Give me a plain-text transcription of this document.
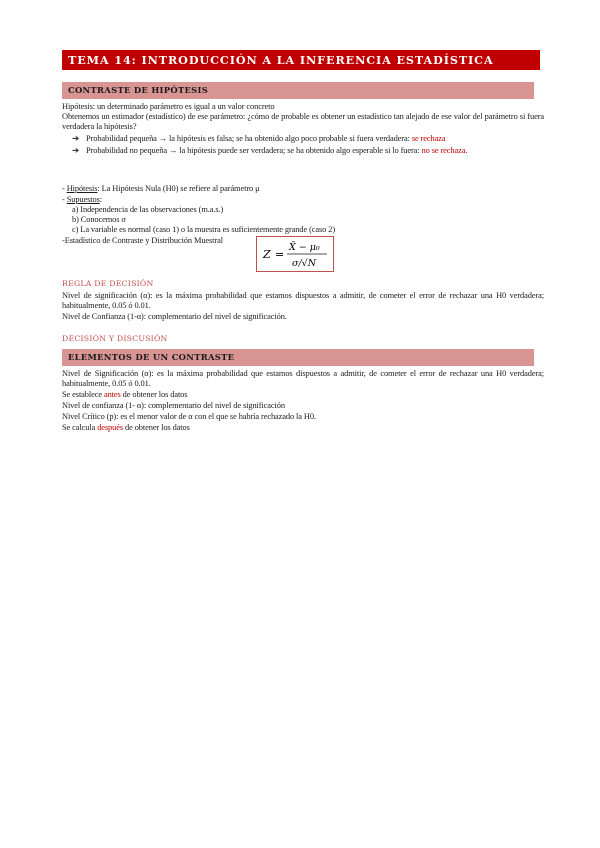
TEMA 14: INTRODUCCIÓN A LA INFERENCIA ESTADÍSTICA
CONTRASTE DE HIPÓTESIS
Hipótesis: un determinado parámetro es igual a un valor concreto
Obtenemos un estimador (estadístico) de ese parámetro: ¿cómo de probable es obtener un estadístico tan alejado de ese valor del parámetro si fuera verdadera la hipótesis?
➔ Probabilidad pequeña → la hipótesis es falsa; se ha obtenido algo poco probable si fuera verdadera: se rechaza
➔ Probabilidad no pequeña → la hipótesis puede ser verdadera; se ha obtenido algo esperable si lo fuera: no se rechaza.
- Hipótesis: La Hipótesis Nula (H0) se refiere al parámetro μ
- Supuestos:
a) Independencia de las observaciones (m.a.s.)
b) Conocemos σ
c) La variable es normal (caso 1) o la muestra es suficientemente grande (caso 2)
-Estadístico de Contraste y Distribución Muestral
Z =
X̄ − μ₀
σ/√N
REGLA DE DECISIÓN
Nivel de significación (α): es la máxima probabilidad que estamos dispuestos a admitir, de cometer el error de rechazar una H0 verdadera; habitualmente, 0.05 ó 0.01.
Nivel de Confianza (1-α): complementario del nivel de significación.
DECISIÓN Y DISCUSIÓN
ELEMENTOS DE UN CONTRASTE
Nivel de Significación (α): es la máxima probabilidad que estamos dispuestos a admitir, de cometer el error de rechazar una H0 verdadera; habitualmente, 0.05 ó 0.01.
Se establece antes de obtener los datos
Nivel de confianza (1- α): complementario del nivel de significación
Nivel Crítico (p): es el menor valor de α con el que se habría rechazado la H0.
Se calcula después de obtener los datos
